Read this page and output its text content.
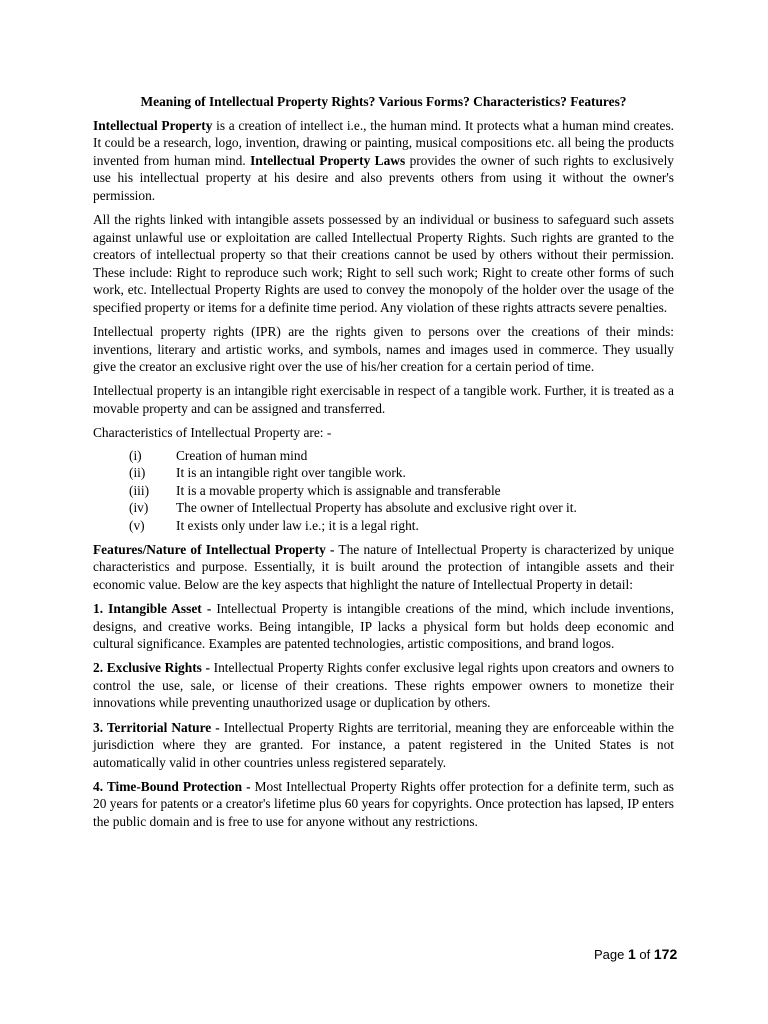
Meaning of Intellectual Property Rights? Various Forms? Characteristics? Features?

Intellectual Property is a creation of intellect i.e., the human mind. It protects what a human mind creates. It could be a research, logo, invention, drawing or painting, musical compositions etc. all being the products invented from human mind. Intellectual Property Laws provides the owner of such rights to exclusively use his intellectual property at his desire and also prevents others from using it without the owner's permission.

All the rights linked with intangible assets possessed by an individual or business to safeguard such assets against unlawful use or exploitation are called Intellectual Property Rights. Such rights are granted to the creators of intellectual property so that their creations cannot be used by others without their permission. These include: Right to reproduce such work; Right to sell such work; Right to create other forms of such work, etc. Intellectual Property Rights are used to convey the monopoly of the holder over the usage of the specified property or items for a definite time period. Any violation of these rights attracts severe penalties.

Intellectual property rights (IPR) are the rights given to persons over the creations of their minds: inventions, literary and artistic works, and symbols, names and images used in commerce. They usually give the creator an exclusive right over the use of his/her creation for a certain period of time.

Intellectual property is an intangible right exercisable in respect of a tangible work. Further, it is treated as a movable property and can be assigned and transferred.

Characteristics of Intellectual Property are: -

(i)	Creation of human mind
(ii)	It is an intangible right over tangible work.
(iii)	It is a movable property which is assignable and transferable
(iv)	The owner of Intellectual Property has absolute and exclusive right over it.
(v)	It exists only under law i.e.; it is a legal right.

Features/Nature of Intellectual Property - The nature of Intellectual Property is characterized by unique characteristics and purpose. Essentially, it is built around the protection of intangible assets and their economic value. Below are the key aspects that highlight the nature of Intellectual Property in detail:

1. Intangible Asset - Intellectual Property is intangible creations of the mind, which include inventions, designs, and creative works. Being intangible, IP lacks a physical form but holds deep economic and cultural significance. Examples are patented technologies, artistic compositions, and brand logos.

2. Exclusive Rights - Intellectual Property Rights confer exclusive legal rights upon creators and owners to control the use, sale, or license of their creations. These rights empower owners to monetize their innovations while preventing unauthorized usage or duplication by others.

3. Territorial Nature - Intellectual Property Rights are territorial, meaning they are enforceable within the jurisdiction where they are granted. For instance, a patent registered in the United States is not automatically valid in other countries unless registered separately.

4. Time-Bound Protection - Most Intellectual Property Rights offer protection for a definite term, such as 20 years for patents or a creator's lifetime plus 60 years for copyrights. Once protection has lapsed, IP enters the public domain and is free to use for anyone without any restrictions.

Page 1 of 172
